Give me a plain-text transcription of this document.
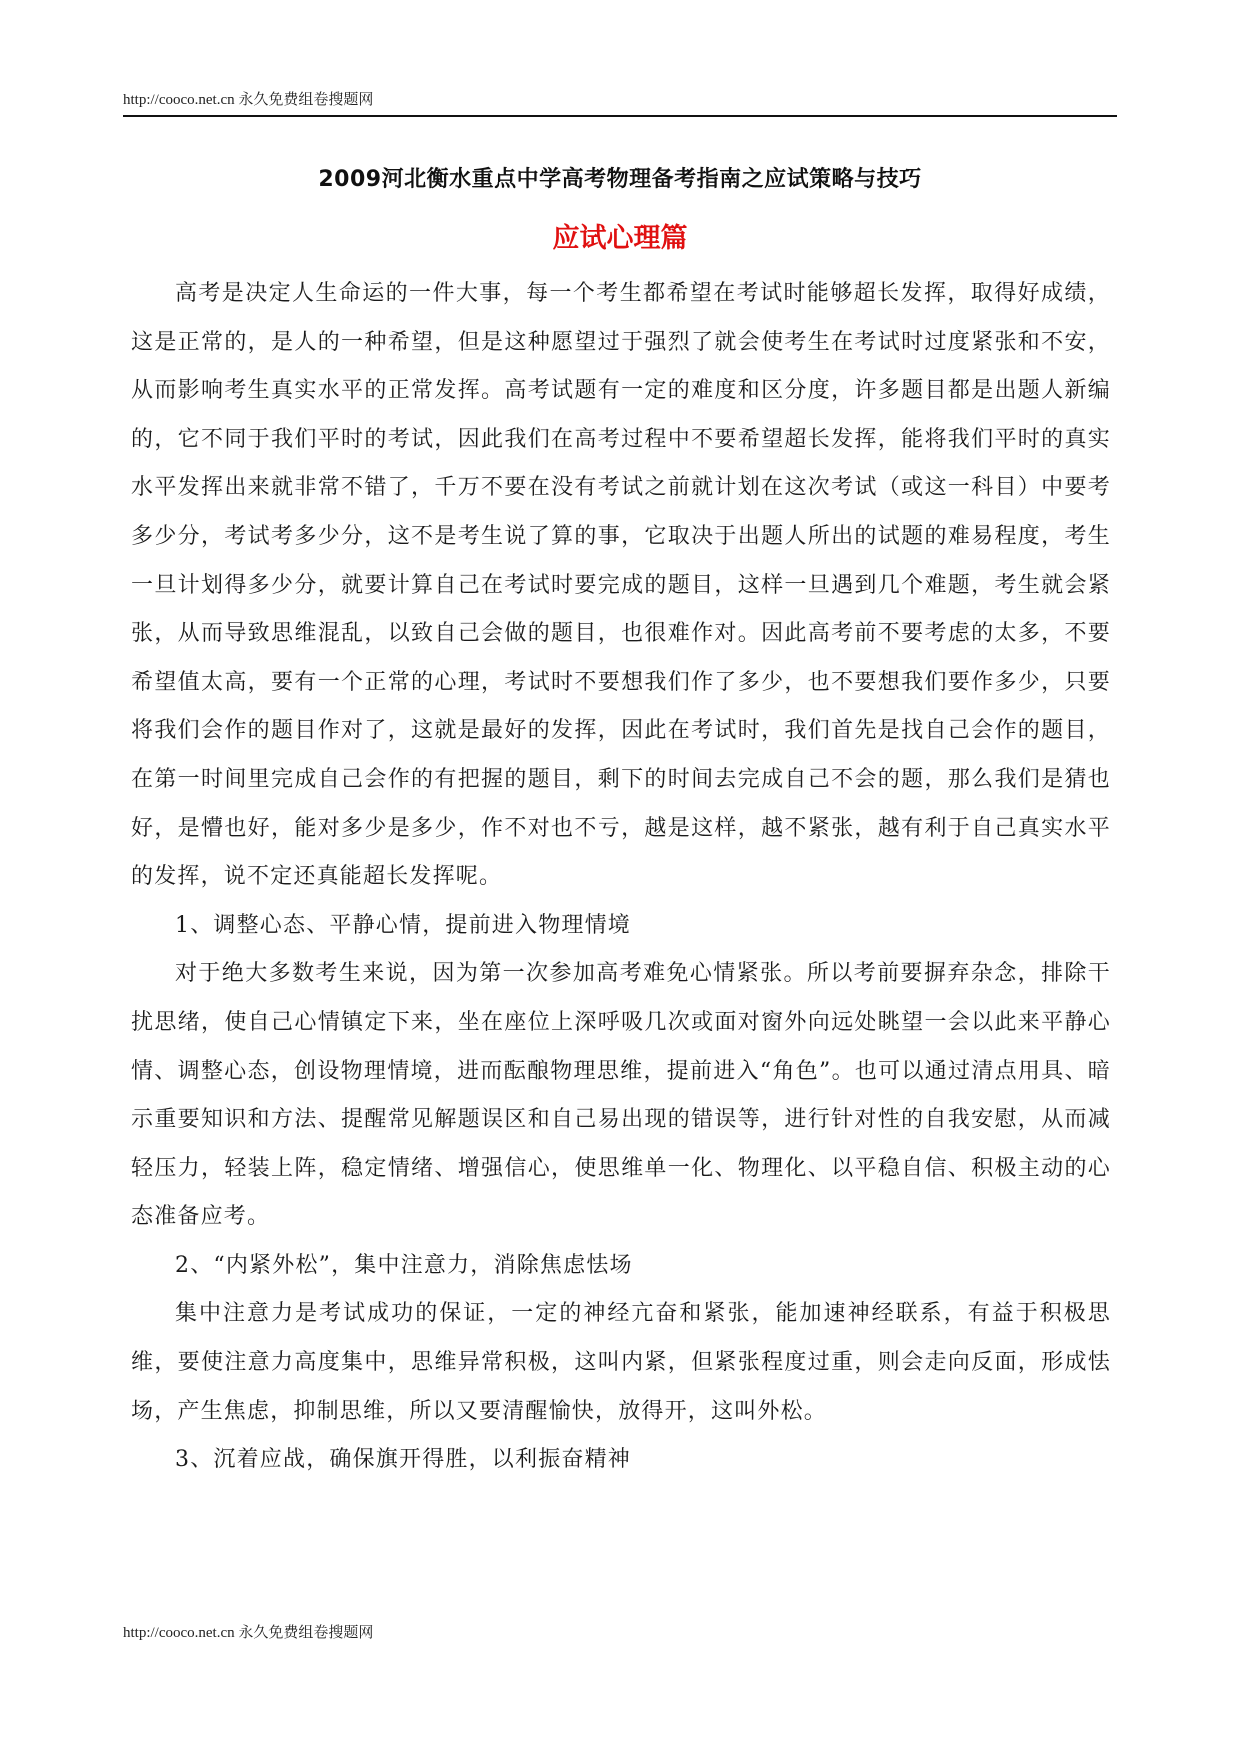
http://cooco.net.cn 永久免费组卷搜题网
2009河北衡水重点中学高考物理备考指南之应试策略与技巧
应试心理篇

高考是决定人生命运的一件大事，每一个考生都希望在考试时能够超长发挥，取得好成绩，这是正常的，是人的一种希望，但是这种愿望过于强烈了就会使考生在考试时过度紧张和不安，从而影响考生真实水平的正常发挥。高考试题有一定的难度和区分度，许多题目都是出题人新编的，它不同于我们平时的考试，因此我们在高考过程中不要希望超长发挥，能将我们平时的真实水平发挥出来就非常不错了，千万不要在没有考试之前就计划在这次考试（或这一科目）中要考多少分，考试考多少分，这不是考生说了算的事，它取决于出题人所出的试题的难易程度，考生一旦计划得多少分，就要计算自己在考试时要完成的题目，这样一旦遇到几个难题，考生就会紧张，从而导致思维混乱，以致自己会做的题目，也很难作对。因此高考前不要考虑的太多，不要希望值太高，要有一个正常的心理，考试时不要想我们作了多少，也不要想我们要作多少，只要将我们会作的题目作对了，这就是最好的发挥，因此在考试时，我们首先是找自己会作的题目，在第一时间里完成自己会作的有把握的题目，剩下的时间去完成自己不会的题，那么我们是猜也好，是懵也好，能对多少是多少，作不对也不亏，越是这样，越不紧张，越有利于自己真实水平的发挥，说不定还真能超长发挥呢。

1、调整心态、平静心情，提前进入物理情境

对于绝大多数考生来说，因为第一次参加高考难免心情紧张。所以考前要摒弃杂念，排除干扰思绪，使自己心情镇定下来，坐在座位上深呼吸几次或面对窗外向远处眺望一会以此来平静心情、调整心态，创设物理情境，进而酝酿物理思维，提前进入“角色”。也可以通过清点用具、暗示重要知识和方法、提醒常见解题误区和自己易出现的错误等，进行针对性的自我安慰，从而减轻压力，轻装上阵，稳定情绪、增强信心，使思维单一化、物理化、以平稳自信、积极主动的心态准备应考。

2、“内紧外松”，集中注意力，消除焦虑怯场

集中注意力是考试成功的保证，一定的神经亢奋和紧张，能加速神经联系，有益于积极思维，要使注意力高度集中，思维异常积极，这叫内紧，但紧张程度过重，则会走向反面，形成怯场，产生焦虑，抑制思维，所以又要清醒愉快，放得开，这叫外松。

3、沉着应战，确保旗开得胜，以利振奋精神

http://cooco.net.cn 永久免费组卷搜题网
